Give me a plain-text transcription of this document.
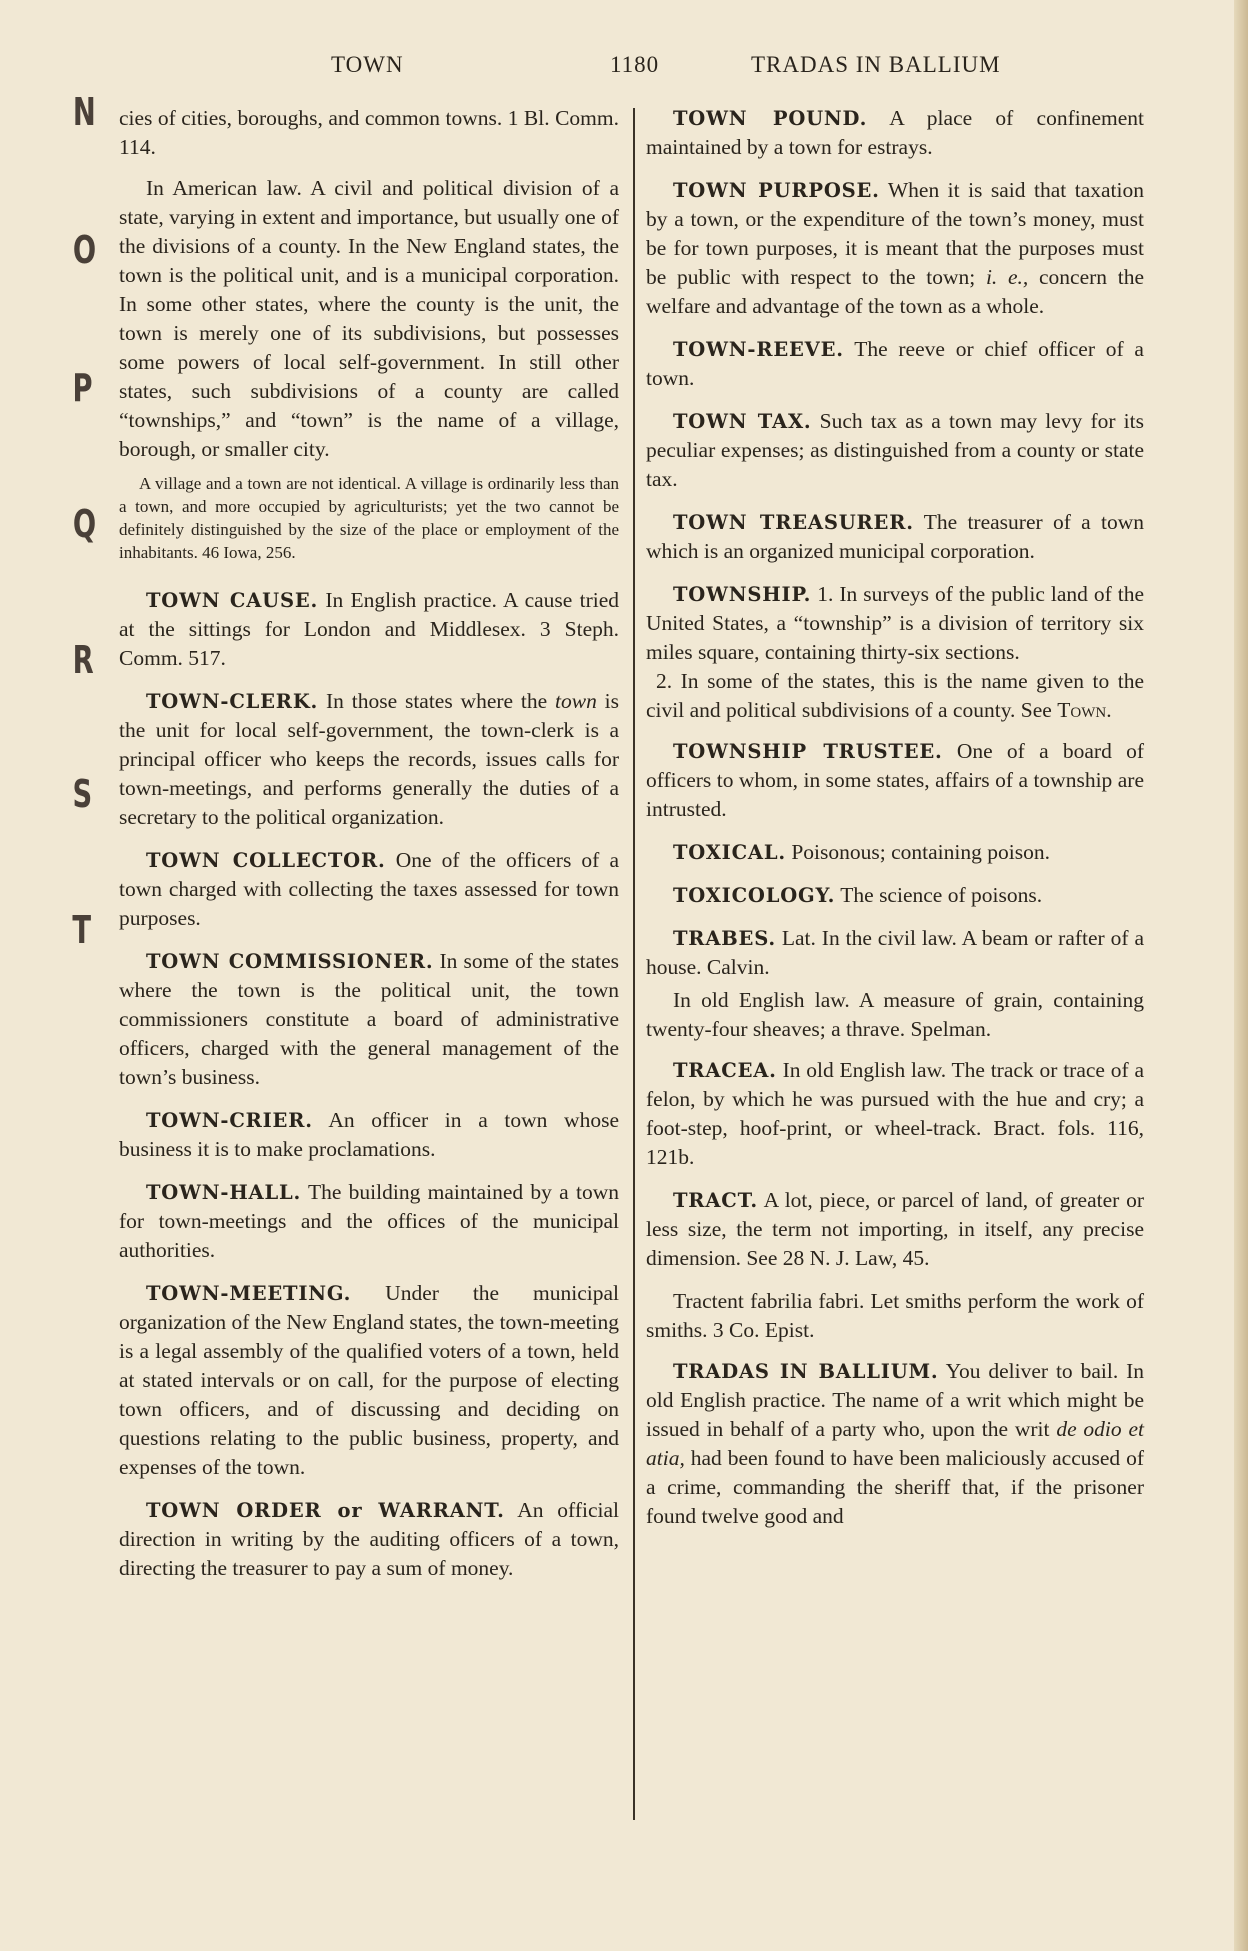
TOWN	1180	TRADAS IN BALLIUM
N
O
P
Q
R
S
T

cies of cities, boroughs, and common towns. 1 Bl. Comm. 114.

In American law. A civil and political division of a state, varying in extent and importance, but usually one of the divisions of a county. In the New England states, the town is the political unit, and is a municipal corporation. In some other states, where the county is the unit, the town is merely one of its subdivisions, but possesses some powers of local self-government. In still other states, such subdivisions of a county are called “townships,” and “town” is the name of a village, borough, or smaller city.

A village and a town are not identical. A village is ordinarily less than a town, and more occupied by agriculturists; yet the two cannot be definitely distinguished by the size of the place or employment of the inhabitants. 46 Iowa, 256.

TOWN CAUSE. In English practice. A cause tried at the sittings for London and Middlesex. 3 Steph. Comm. 517.

TOWN-CLERK. In those states where the town is the unit for local self-government, the town-clerk is a principal officer who keeps the records, issues calls for town-meetings, and performs generally the duties of a secretary to the political organization.

TOWN COLLECTOR. One of the officers of a town charged with collecting the taxes assessed for town purposes.

TOWN COMMISSIONER. In some of the states where the town is the political unit, the town commissioners constitute a board of administrative officers, charged with the general management of the town’s business.

TOWN-CRIER. An officer in a town whose business it is to make proclamations.

TOWN-HALL. The building maintained by a town for town-meetings and the offices of the municipal authorities.

TOWN-MEETING. Under the municipal organization of the New England states, the town-meeting is a legal assembly of the qualified voters of a town, held at stated intervals or on call, for the purpose of electing town officers, and of discussing and deciding on questions relating to the public business, property, and expenses of the town.

TOWN ORDER or WARRANT. An official direction in writing by the auditing officers of a town, directing the treasurer to pay a sum of money.

TOWN POUND. A place of confinement maintained by a town for estrays.

TOWN PURPOSE. When it is said that taxation by a town, or the expenditure of the town’s money, must be for town purposes, it is meant that the purposes must be public with respect to the town; i. e., concern the welfare and advantage of the town as a whole.

TOWN-REEVE. The reeve or chief officer of a town.

TOWN TAX. Such tax as a town may levy for its peculiar expenses; as distinguished from a county or state tax.

TOWN TREASURER. The treasurer of a town which is an organized municipal corporation.

TOWNSHIP. 1. In surveys of the public land of the United States, a “township” is a division of territory six miles square, containing thirty-six sections.

2. In some of the states, this is the name given to the civil and political subdivisions of a county. See Town.

TOWNSHIP TRUSTEE. One of a board of officers to whom, in some states, affairs of a township are intrusted.

TOXICAL. Poisonous; containing poison.

TOXICOLOGY. The science of poisons.

TRABES. Lat. In the civil law. A beam or rafter of a house. Calvin.

In old English law. A measure of grain, containing twenty-four sheaves; a thrave. Spelman.

TRACEA. In old English law. The track or trace of a felon, by which he was pursued with the hue and cry; a foot-step, hoof-print, or wheel-track. Bract. fols. 116, 121b.

TRACT. A lot, piece, or parcel of land, of greater or less size, the term not importing, in itself, any precise dimension. See 28 N. J. Law, 45.

Tractent fabrilia fabri. Let smiths perform the work of smiths. 3 Co. Epist.

TRADAS IN BALLIUM. You deliver to bail. In old English practice. The name of a writ which might be issued in behalf of a party who, upon the writ de odio et atia, had been found to have been maliciously accused of a crime, commanding the sheriff that, if the prisoner found twelve good and
